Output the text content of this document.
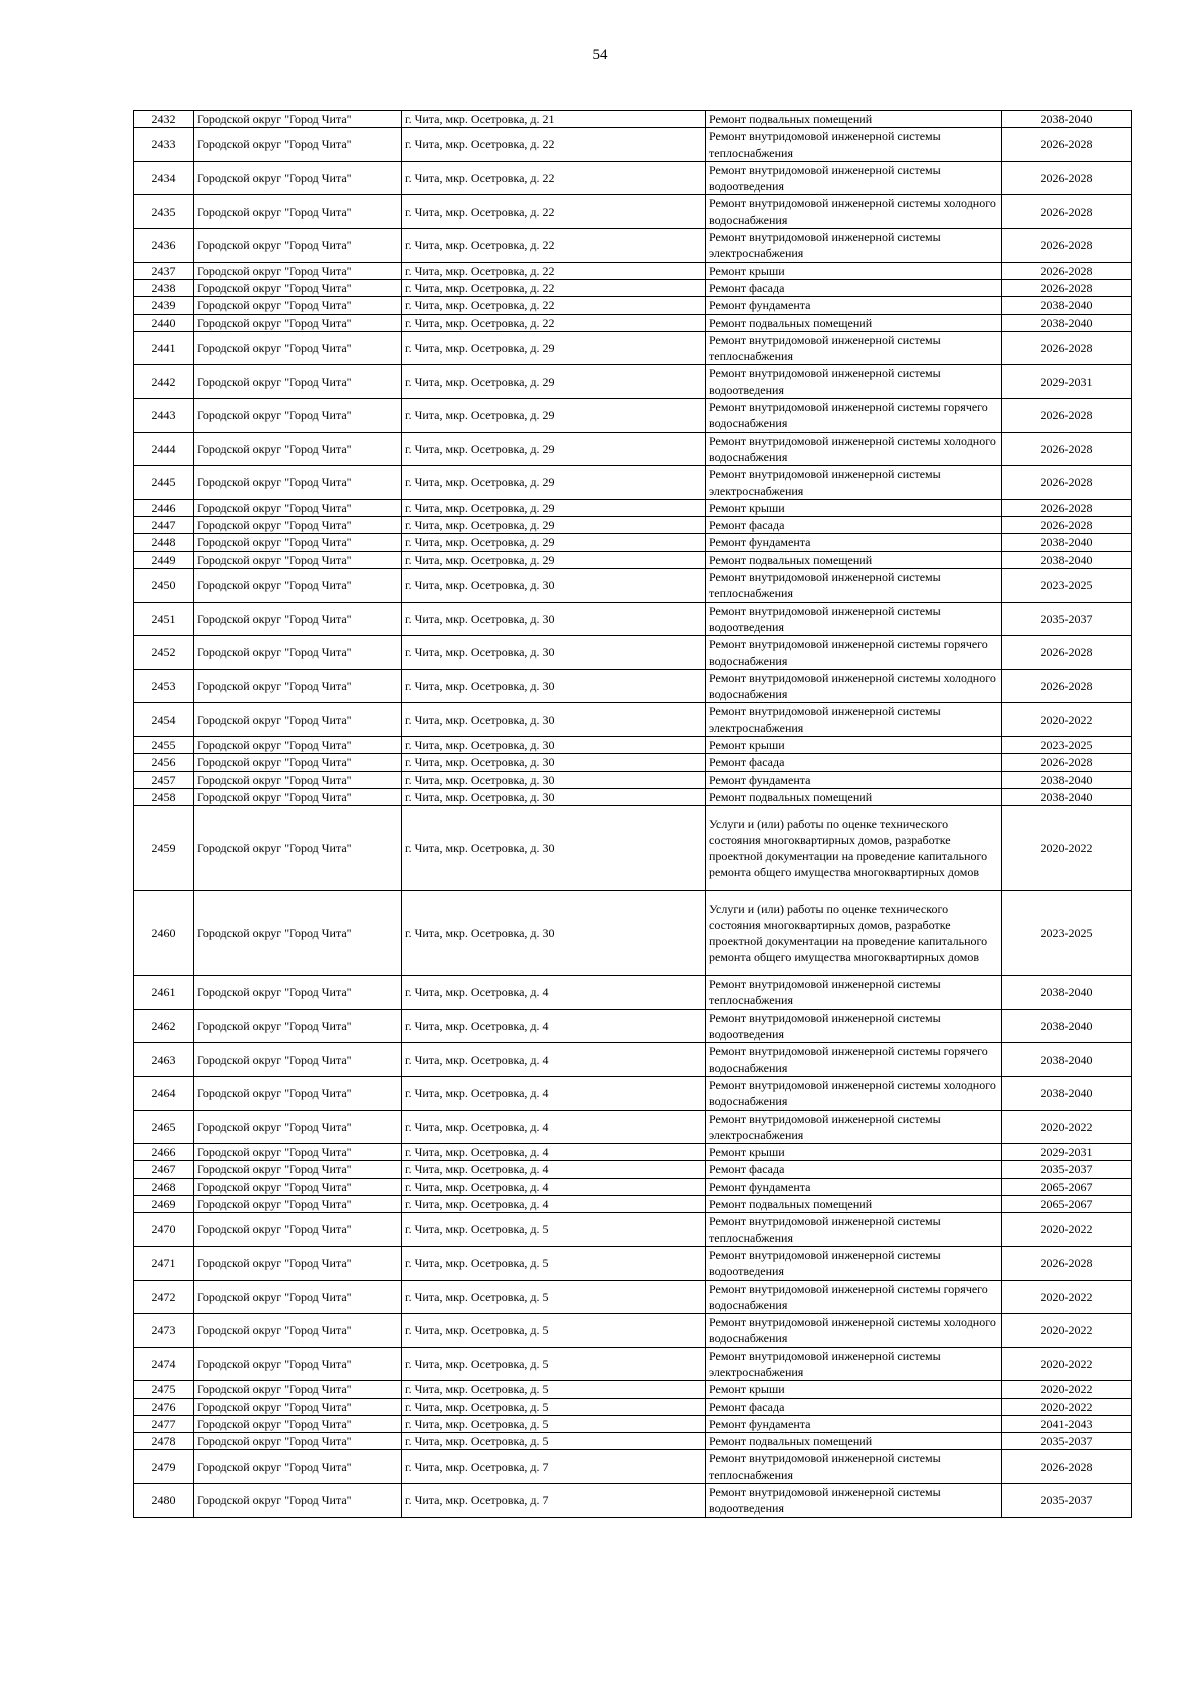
54
2432	Городской округ "Город Чита"	г. Чита, мкр. Осетровка, д. 21	Ремонт подвальных помещений	2038-2040
2433	Городской округ "Город Чита"	г. Чита, мкр. Осетровка, д. 22	Ремонт внутридомовой инженерной системы теплоснабжения	2026-2028
2434	Городской округ "Город Чита"	г. Чита, мкр. Осетровка, д. 22	Ремонт внутридомовой инженерной системы водоотведения	2026-2028
2435	Городской округ "Город Чита"	г. Чита, мкр. Осетровка, д. 22	Ремонт внутридомовой инженерной системы холодного водоснабжения	2026-2028
2436	Городской округ "Город Чита"	г. Чита, мкр. Осетровка, д. 22	Ремонт внутридомовой инженерной системы электроснабжения	2026-2028
2437	Городской округ "Город Чита"	г. Чита, мкр. Осетровка, д. 22	Ремонт крыши	2026-2028
2438	Городской округ "Город Чита"	г. Чита, мкр. Осетровка, д. 22	Ремонт фасада	2026-2028
2439	Городской округ "Город Чита"	г. Чита, мкр. Осетровка, д. 22	Ремонт фундамента	2038-2040
2440	Городской округ "Город Чита"	г. Чита, мкр. Осетровка, д. 22	Ремонт подвальных помещений	2038-2040
2441	Городской округ "Город Чита"	г. Чита, мкр. Осетровка, д. 29	Ремонт внутридомовой инженерной системы теплоснабжения	2026-2028
2442	Городской округ "Город Чита"	г. Чита, мкр. Осетровка, д. 29	Ремонт внутридомовой инженерной системы водоотведения	2029-2031
2443	Городской округ "Город Чита"	г. Чита, мкр. Осетровка, д. 29	Ремонт внутридомовой инженерной системы горячего водоснабжения	2026-2028
2444	Городской округ "Город Чита"	г. Чита, мкр. Осетровка, д. 29	Ремонт внутридомовой инженерной системы холодного водоснабжения	2026-2028
2445	Городской округ "Город Чита"	г. Чита, мкр. Осетровка, д. 29	Ремонт внутридомовой инженерной системы электроснабжения	2026-2028
2446	Городской округ "Город Чита"	г. Чита, мкр. Осетровка, д. 29	Ремонт крыши	2026-2028
2447	Городской округ "Город Чита"	г. Чита, мкр. Осетровка, д. 29	Ремонт фасада	2026-2028
2448	Городской округ "Город Чита"	г. Чита, мкр. Осетровка, д. 29	Ремонт фундамента	2038-2040
2449	Городской округ "Город Чита"	г. Чита, мкр. Осетровка, д. 29	Ремонт подвальных помещений	2038-2040
2450	Городской округ "Город Чита"	г. Чита, мкр. Осетровка, д. 30	Ремонт внутридомовой инженерной системы теплоснабжения	2023-2025
2451	Городской округ "Город Чита"	г. Чита, мкр. Осетровка, д. 30	Ремонт внутридомовой инженерной системы водоотведения	2035-2037
2452	Городской округ "Город Чита"	г. Чита, мкр. Осетровка, д. 30	Ремонт внутридомовой инженерной системы горячего водоснабжения	2026-2028
2453	Городской округ "Город Чита"	г. Чита, мкр. Осетровка, д. 30	Ремонт внутридомовой инженерной системы холодного водоснабжения	2026-2028
2454	Городской округ "Город Чита"	г. Чита, мкр. Осетровка, д. 30	Ремонт внутридомовой инженерной системы электроснабжения	2020-2022
2455	Городской округ "Город Чита"	г. Чита, мкр. Осетровка, д. 30	Ремонт крыши	2023-2025
2456	Городской округ "Город Чита"	г. Чита, мкр. Осетровка, д. 30	Ремонт фасада	2026-2028
2457	Городской округ "Город Чита"	г. Чита, мкр. Осетровка, д. 30	Ремонт фундамента	2038-2040
2458	Городской округ "Город Чита"	г. Чита, мкр. Осетровка, д. 30	Ремонт подвальных помещений	2038-2040
2459	Городской округ "Город Чита"	г. Чита, мкр. Осетровка, д. 30	Услуги и (или) работы по оценке технического состояния многоквартирных домов, разработке проектной документации на проведение капитального ремонта общего имущества многоквартирных домов	2020-2022
2460	Городской округ "Город Чита"	г. Чита, мкр. Осетровка, д. 30	Услуги и (или) работы по оценке технического состояния многоквартирных домов, разработке проектной документации на проведение капитального ремонта общего имущества многоквартирных домов	2023-2025
2461	Городской округ "Город Чита"	г. Чита, мкр. Осетровка, д. 4	Ремонт внутридомовой инженерной системы теплоснабжения	2038-2040
2462	Городской округ "Город Чита"	г. Чита, мкр. Осетровка, д. 4	Ремонт внутридомовой инженерной системы водоотведения	2038-2040
2463	Городской округ "Город Чита"	г. Чита, мкр. Осетровка, д. 4	Ремонт внутридомовой инженерной системы горячего водоснабжения	2038-2040
2464	Городской округ "Город Чита"	г. Чита, мкр. Осетровка, д. 4	Ремонт внутридомовой инженерной системы холодного водоснабжения	2038-2040
2465	Городской округ "Город Чита"	г. Чита, мкр. Осетровка, д. 4	Ремонт внутридомовой инженерной системы электроснабжения	2020-2022
2466	Городской округ "Город Чита"	г. Чита, мкр. Осетровка, д. 4	Ремонт крыши	2029-2031
2467	Городской округ "Город Чита"	г. Чита, мкр. Осетровка, д. 4	Ремонт фасада	2035-2037
2468	Городской округ "Город Чита"	г. Чита, мкр. Осетровка, д. 4	Ремонт фундамента	2065-2067
2469	Городской округ "Город Чита"	г. Чита, мкр. Осетровка, д. 4	Ремонт подвальных помещений	2065-2067
2470	Городской округ "Город Чита"	г. Чита, мкр. Осетровка, д. 5	Ремонт внутридомовой инженерной системы теплоснабжения	2020-2022
2471	Городской округ "Город Чита"	г. Чита, мкр. Осетровка, д. 5	Ремонт внутридомовой инженерной системы водоотведения	2026-2028
2472	Городской округ "Город Чита"	г. Чита, мкр. Осетровка, д. 5	Ремонт внутридомовой инженерной системы горячего водоснабжения	2020-2022
2473	Городской округ "Город Чита"	г. Чита, мкр. Осетровка, д. 5	Ремонт внутридомовой инженерной системы холодного водоснабжения	2020-2022
2474	Городской округ "Город Чита"	г. Чита, мкр. Осетровка, д. 5	Ремонт внутридомовой инженерной системы электроснабжения	2020-2022
2475	Городской округ "Город Чита"	г. Чита, мкр. Осетровка, д. 5	Ремонт крыши	2020-2022
2476	Городской округ "Город Чита"	г. Чита, мкр. Осетровка, д. 5	Ремонт фасада	2020-2022
2477	Городской округ "Город Чита"	г. Чита, мкр. Осетровка, д. 5	Ремонт фундамента	2041-2043
2478	Городской округ "Город Чита"	г. Чита, мкр. Осетровка, д. 5	Ремонт подвальных помещений	2035-2037
2479	Городской округ "Город Чита"	г. Чита, мкр. Осетровка, д. 7	Ремонт внутридомовой инженерной системы теплоснабжения	2026-2028
2480	Городской округ "Город Чита"	г. Чита, мкр. Осетровка, д. 7	Ремонт внутридомовой инженерной системы водоотведения	2035-2037
